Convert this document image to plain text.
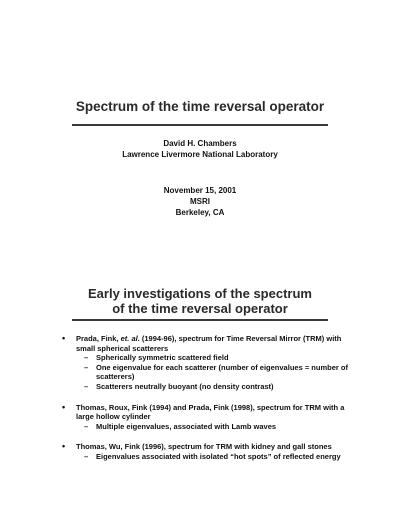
Spectrum of the time reversal operator
David H. Chambers
Lawrence Livermore National Laboratory
November 15, 2001
MSRI
Berkeley, CA
Early investigations of the spectrum
of the time reversal operator
• Prada, Fink, et. al. (1994-96), spectrum for Time Reversal Mirror (TRM) with small spherical scatterers
– Spherically symmetric scattered field
– One eigenvalue for each scatterer (number of eigenvalues = number of scatterers)
– Scatterers neutrally buoyant (no density contrast)
• Thomas, Roux, Fink (1994) and Prada, Fink (1998), spectrum for TRM with a large hollow cylinder
– Multiple eigenvalues, associated with Lamb waves
• Thomas, Wu, Fink (1996), spectrum for TRM with kidney and gall stones
– Eigenvalues associated with isolated “hot spots” of reflected energy
